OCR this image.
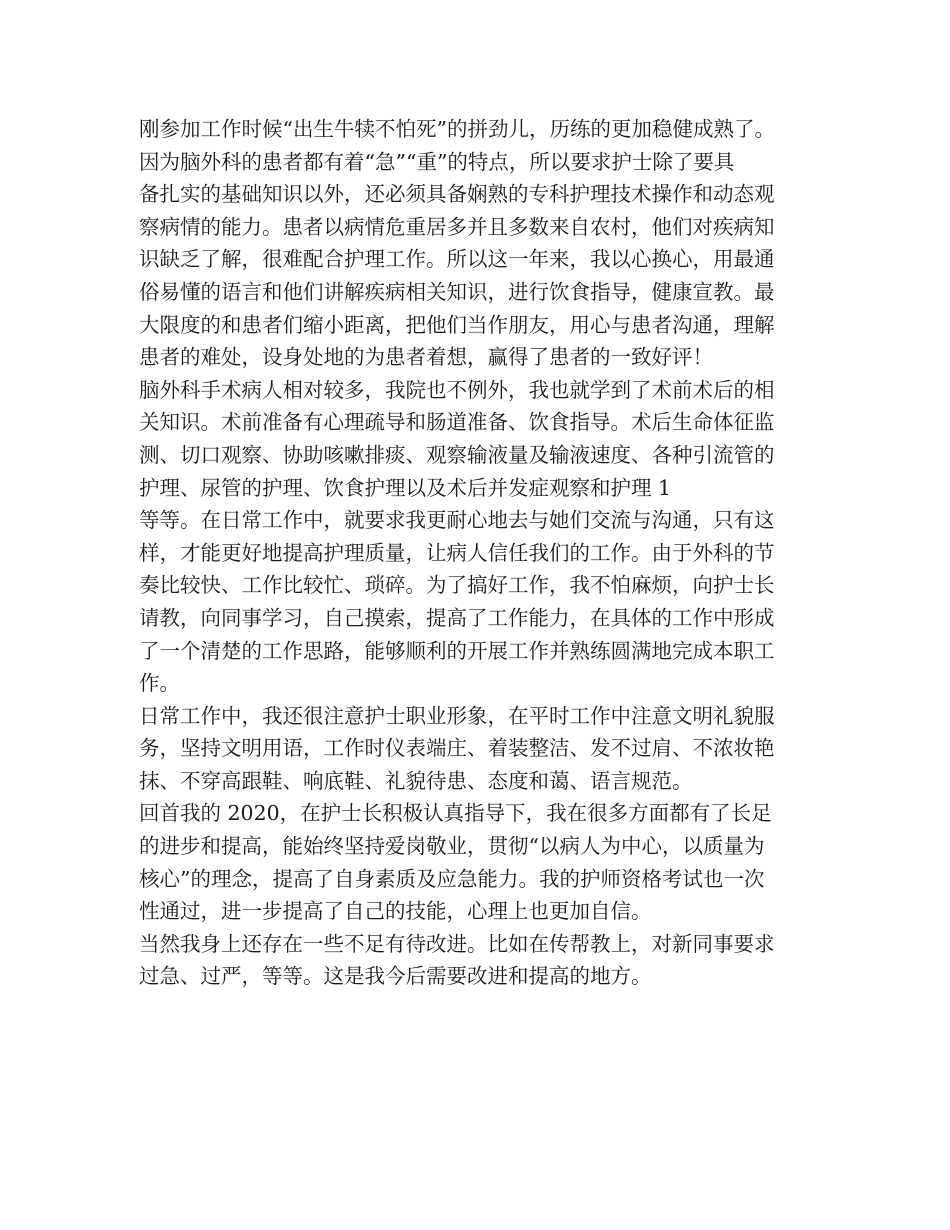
刚参加工作时候“出生牛犊不怕死”的拼劲儿，历练的更加稳健成熟了。
因为脑外科的患者都有着“急”“重”的特点，所以要求护士除了要具
备扎实的基础知识以外，还必须具备娴熟的专科护理技术操作和动态观
察病情的能力。患者以病情危重居多并且多数来自农村，他们对疾病知
识缺乏了解，很难配合护理工作。所以这一年来，我以心换心，用最通
俗易懂的语言和他们讲解疾病相关知识，进行饮食指导，健康宣教。最
大限度的和患者们缩小距离，把他们当作朋友，用心与患者沟通，理解
患者的难处，设身处地的为患者着想，赢得了患者的一致好评！
脑外科手术病人相对较多，我院也不例外，我也就学到了术前术后的相
关知识。术前准备有心理疏导和肠道准备、饮食指导。术后生命体征监
测、切口观察、协助咳嗽排痰、观察输液量及输液速度、各种引流管的
护理、尿管的护理、饮食护理以及术后并发症观察和护理 1
等等。在日常工作中，就要求我更耐心地去与她们交流与沟通，只有这
样，才能更好地提高护理质量，让病人信任我们的工作。由于外科的节
奏比较快、工作比较忙、琐碎。为了搞好工作，我不怕麻烦，向护士长
请教，向同事学习，自己摸索，提高了工作能力，在具体的工作中形成
了一个清楚的工作思路，能够顺利的开展工作并熟练圆满地完成本职工
作。
日常工作中，我还很注意护士职业形象，在平时工作中注意文明礼貌服
务，坚持文明用语，工作时仪表端庄、着装整洁、发不过肩、不浓妆艳
抹、不穿高跟鞋、响底鞋、礼貌待患、态度和蔼、语言规范。
回首我的 2020，在护士长积极认真指导下，我在很多方面都有了长足
的进步和提高，能始终坚持爱岗敬业，贯彻“以病人为中心，以质量为
核心”的理念，提高了自身素质及应急能力。我的护师资格考试也一次
性通过，进一步提高了自己的技能，心理上也更加自信。
当然我身上还存在一些不足有待改进。比如在传帮教上，对新同事要求
过急、过严，等等。这是我今后需要改进和提高的地方。
